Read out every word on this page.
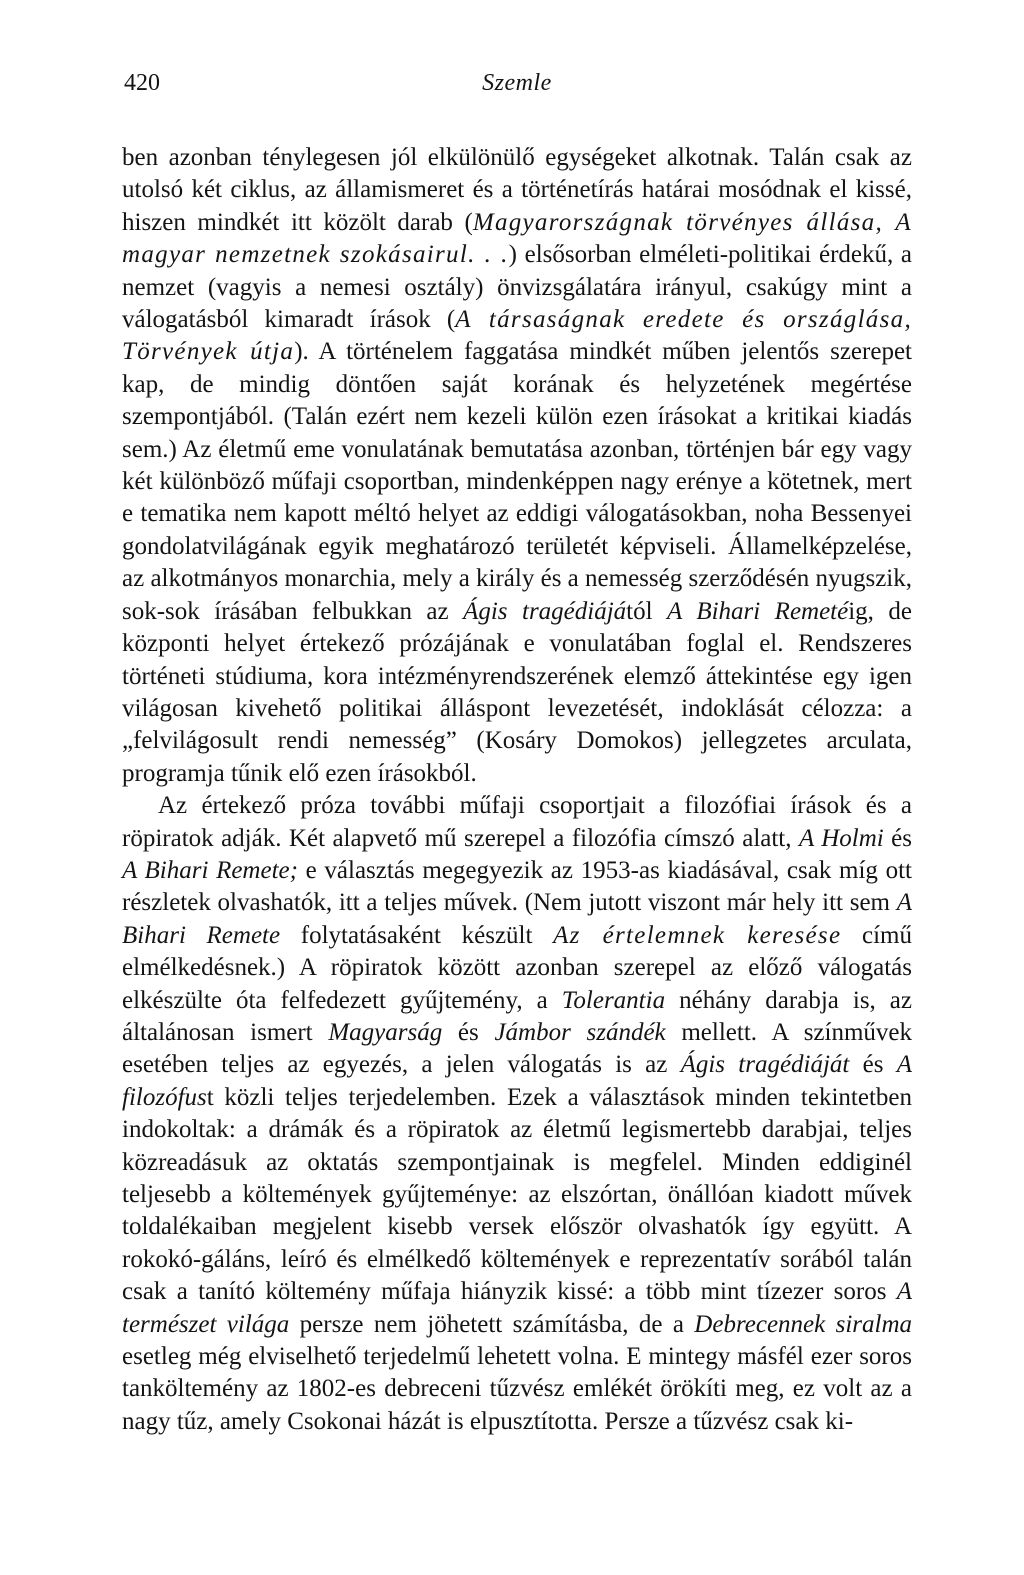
420	Szemle

ben azonban ténylegesen jól elkülönülő egységeket alkotnak. Talán csak az utolsó két ciklus, az államismeret és a történetírás határai mosódnak el kissé, hiszen mindkét itt közölt darab (Magyarországnak törvényes állása, A magyar nemzetnek szokásairul. . .) elsősorban elméleti-politikai érdekű, a nemzet (vagyis a nemesi osztály) önvizsgálatára irányul, csakúgy mint a válogatásból kimaradt írások (A társaságnak eredete és országlása, Törvények útja). A történelem faggatása mindkét műben jelentős szerepet kap, de mindig döntően saját korának és helyzetének megértése szempontjából. (Talán ezért nem kezeli külön ezen írásokat a kritikai kiadás sem.) Az életmű eme vonulatának bemutatása azonban, történjen bár egy vagy két különböző műfaji csoportban, mindenképpen nagy erénye a kötetnek, mert e tematika nem kapott méltó helyet az eddigi válogatásokban, noha Bessenyei gondolatvilágának egyik meghatározó területét képviseli. Államelképzelése, az alkotmányos monarchia, mely a király és a nemesség szerződésén nyugszik, sok-sok írásában felbukkan az Ágis tragédiájától A Bihari Remetéig, de központi helyet értekező prózájának e vonulatában foglal el. Rendszeres történeti stúdiuma, kora intézményrendszerének elemző áttekintése egy igen világosan kivehető politikai álláspont levezetését, indoklását célozza: a „felvilágosult rendi nemesség” (Kosáry Domokos) jellegzetes arculata, programja tűnik elő ezen írásokból.

Az értekező próza további műfaji csoportjait a filozófiai írások és a röpiratok adják. Két alapvető mű szerepel a filozófia címszó alatt, A Holmi és A Bihari Remete; e választás megegyezik az 1953-as kiadásával, csak míg ott részletek olvashatók, itt a teljes művek. (Nem jutott viszont már hely itt sem A Bihari Remete folytatásaként készült Az értelemnek keresése című elmélkedésnek.) A röpiratok között azonban szerepel az előző válogatás elkészülte óta felfedezett gyűjtemény, a Tolerantia néhány darabja is, az általánosan ismert Magyarság és Jámbor szándék mellett. A színművek esetében teljes az egyezés, a jelen válogatás is az Ágis tragédiáját és A filozófust közli teljes terjedelemben. Ezek a választások minden tekintetben indokoltak: a drámák és a röpiratok az életmű legismertebb darabjai, teljes közreadásuk az oktatás szempontjainak is megfelel. Minden eddiginél teljesebb a költemények gyűjteménye: az elszórtan, önállóan kiadott művek toldalékaiban megjelent kisebb versek először olvashatók így együtt. A rokokó-gáláns, leíró és elmélkedő költemények e reprezentatív sorából talán csak a tanító költemény műfaja hiányzik kissé: a több mint tízezer soros A természet világa persze nem jöhetett számításba, de a Debrecennek siralma esetleg még elviselhető terjedelmű lehetett volna. E mintegy másfél ezer soros tanköltemény az 1802-es debreceni tűzvész emlékét örökíti meg, ez volt az a nagy tűz, amely Csokonai házát is elpusztította. Persze a tűzvész csak ki-
